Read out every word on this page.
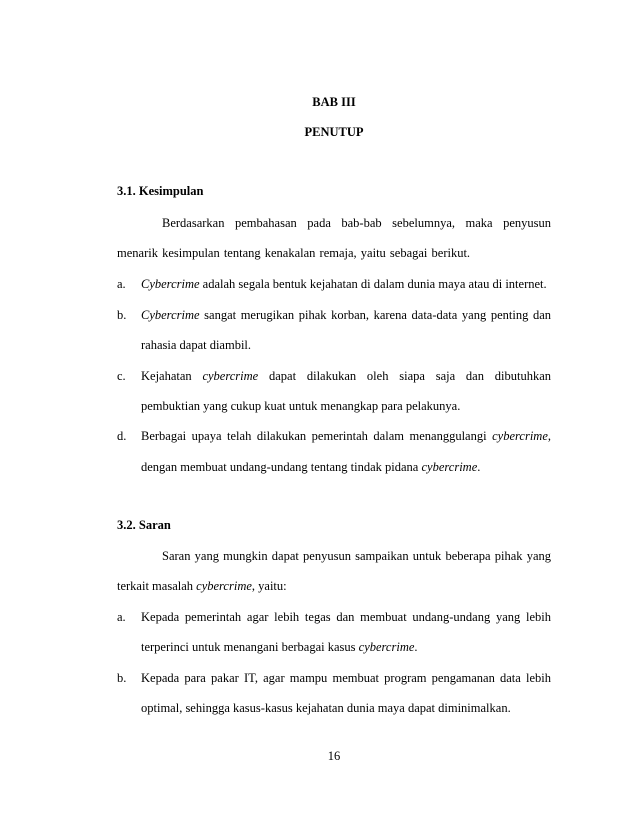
BAB III
PENUTUP
3.1. Kesimpulan
Berdasarkan pembahasan pada bab-bab sebelumnya, maka penyusun
menarik kesimpulan tentang kenakalan remaja, yaitu sebagai berikut.
a. Cybercrime adalah segala bentuk kejahatan di dalam dunia maya atau di internet.
b. Cybercrime sangat merugikan pihak korban, karena data-data yang penting dan
rahasia dapat diambil.
c. Kejahatan cybercrime dapat dilakukan oleh siapa saja dan dibutuhkan
pembuktian yang cukup kuat untuk menangkap para pelakunya.
d. Berbagai upaya telah dilakukan pemerintah dalam menanggulangi cybercrime,
dengan membuat undang-undang tentang tindak pidana cybercrime.
3.2. Saran
Saran yang mungkin dapat penyusun sampaikan untuk beberapa pihak yang
terkait masalah cybercrime, yaitu:
a. Kepada pemerintah agar lebih tegas dan membuat undang-undang yang lebih
terperinci untuk menangani berbagai kasus cybercrime.
b. Kepada para pakar IT, agar mampu membuat program pengamanan data lebih
optimal, sehingga kasus-kasus kejahatan dunia maya dapat diminimalkan.
16
